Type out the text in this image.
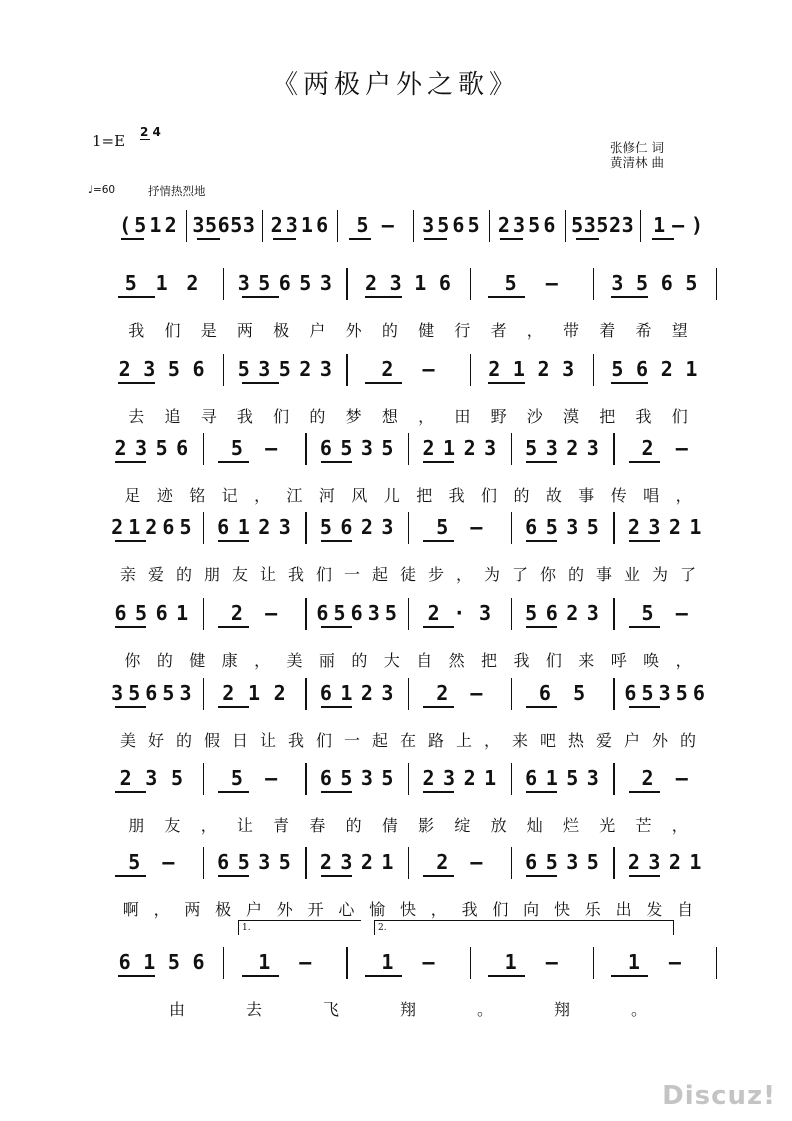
《两极户外之歌》
1=E 2 4
张修仁 词
黄清林 曲
♩=60	抒情热烈地
( 5 1 2 3 5 6 5 3 2 3 1 6 5 – 3 5 6 5 2 3 5 6 5 3 5 2 3 1 – )
5 1 2 3 5 6 5 3 2 3 1 6	5 –	3 5 6 5
我 们 是 两 极 户 外 的 健 行 者 ， 带 着 希 望
2 3 5 6 5 3 5 2 3 2 –	2 1 2 3 5 6 2 1
去 追 寻 我 们 的 梦 想 ， 田 野 沙 漠 把 我 们
2 3 5 6 5 – 6 5 3 5 2 1 2 3 5 3 2 3 2 –
足 迹 铭 记 ， 江 河 风 儿 把 我 们 的 故 事 传 唱 ，
2 1 2 6 5 6 1 2 3 5 6 2 3 5 – 6 5 3 5 2 3 2 1
亲 爱 的 朋 友 让 我 们 一 起 徒 步 ， 为 了 你 的 事 业 为 了
6 5 6 1 2 – 6 5 6 3 5 2 · 3 5 6 2 3 5 –
你 的 健 康 ， 美 丽 的 大 自 然 把 我 们 来 呼 唤 ，
3 5 6 5 3 2 1 2 6 1 2 3 2 –	6 5 6 5 3 5 6
美 好 的 假 日 让 我 们 一 起 在 路 上 ， 来 吧 热 爱 户 外 的
2 3 5 5 – 6 5 3 5 2 3 2 1 6 1 5 3 2 –
朋 友 ， 让 青 春 的 倩 影 绽 放 灿 烂 光 芒 ，
5 – 6 5 3 5 2 3 2 1 2 – 6 5 3 5 2 3 2 1
啊 ， 两 极 户 外 开 心 愉 快 ， 我 们 向 快 乐 出 发 自
6 1 5 6	1 –	1 –	1 –	1 –
由	去	飞	翔	。	翔	。
1.	2.
Discuz!
